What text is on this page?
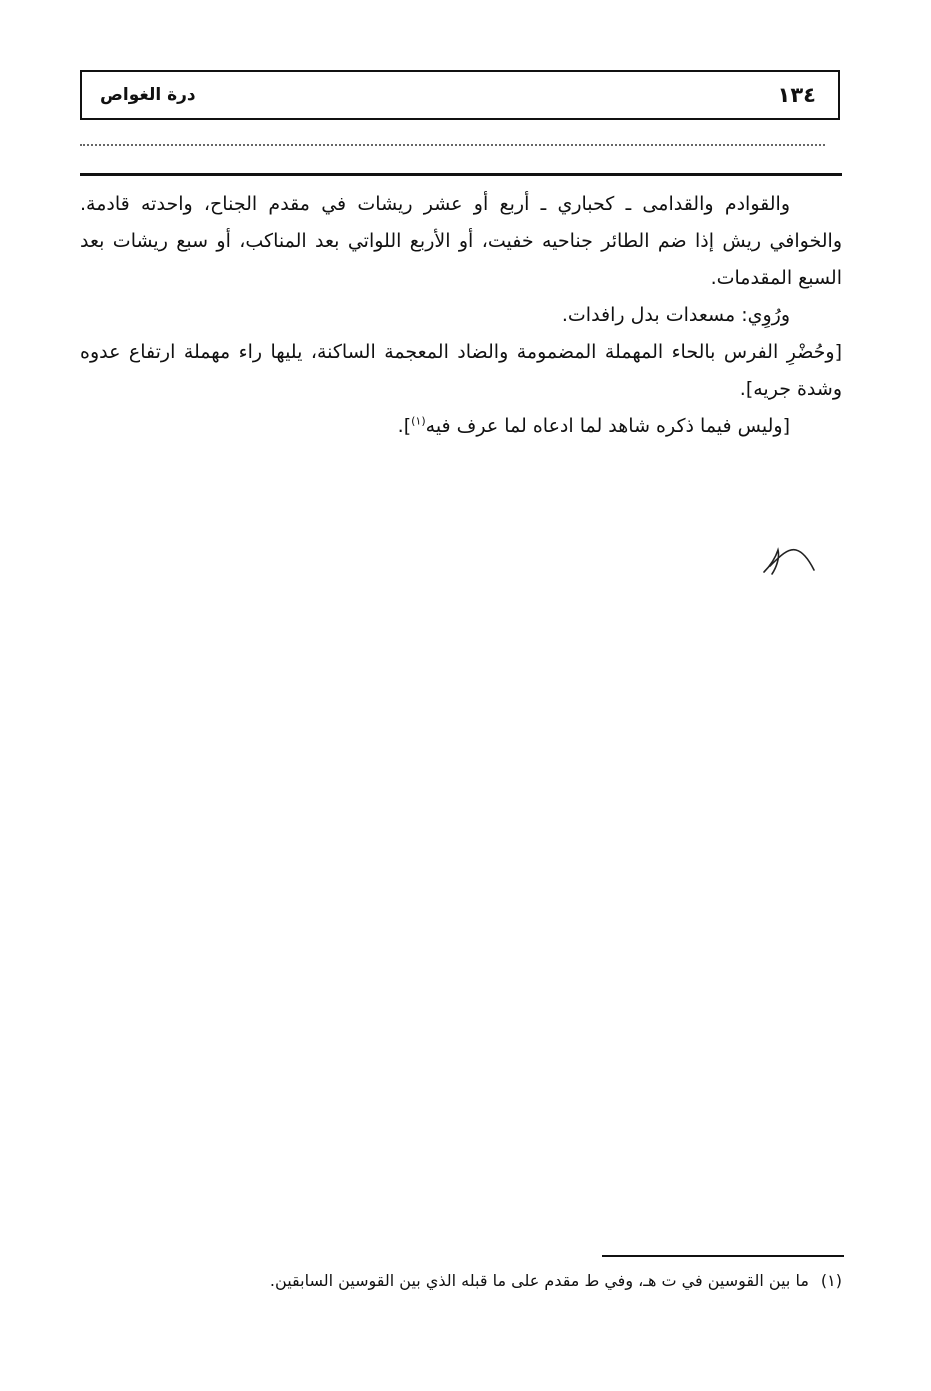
درة الغواص	١٣٤

والقوادم والقدامى ـ كحباري ـ أربع أو عشر ريشات في مقدم الجناح، واحدته قادمة. والخوافي ريش إذا ضم الطائر جناحيه خفيت، أو الأربع اللواتي بعد المناكب، أو سبع ريشات بعد السبع المقدمات.

ورُوِي: مسعدات بدل رافدات.

[وحُضْرِ الفرس بالحاء المهملة المضمومة والضاد المعجمة الساكنة، يليها راء مهملة ارتفاع عدوه وشدة جريه].

[وليس فيما ذكره شاهد لما ادعاه لما عرف فيه$^{(١)}$].

(١)ما بين القوسين في ت هـ، وفي ط مقدم على ما قبله الذي بين القوسين السابقين.
